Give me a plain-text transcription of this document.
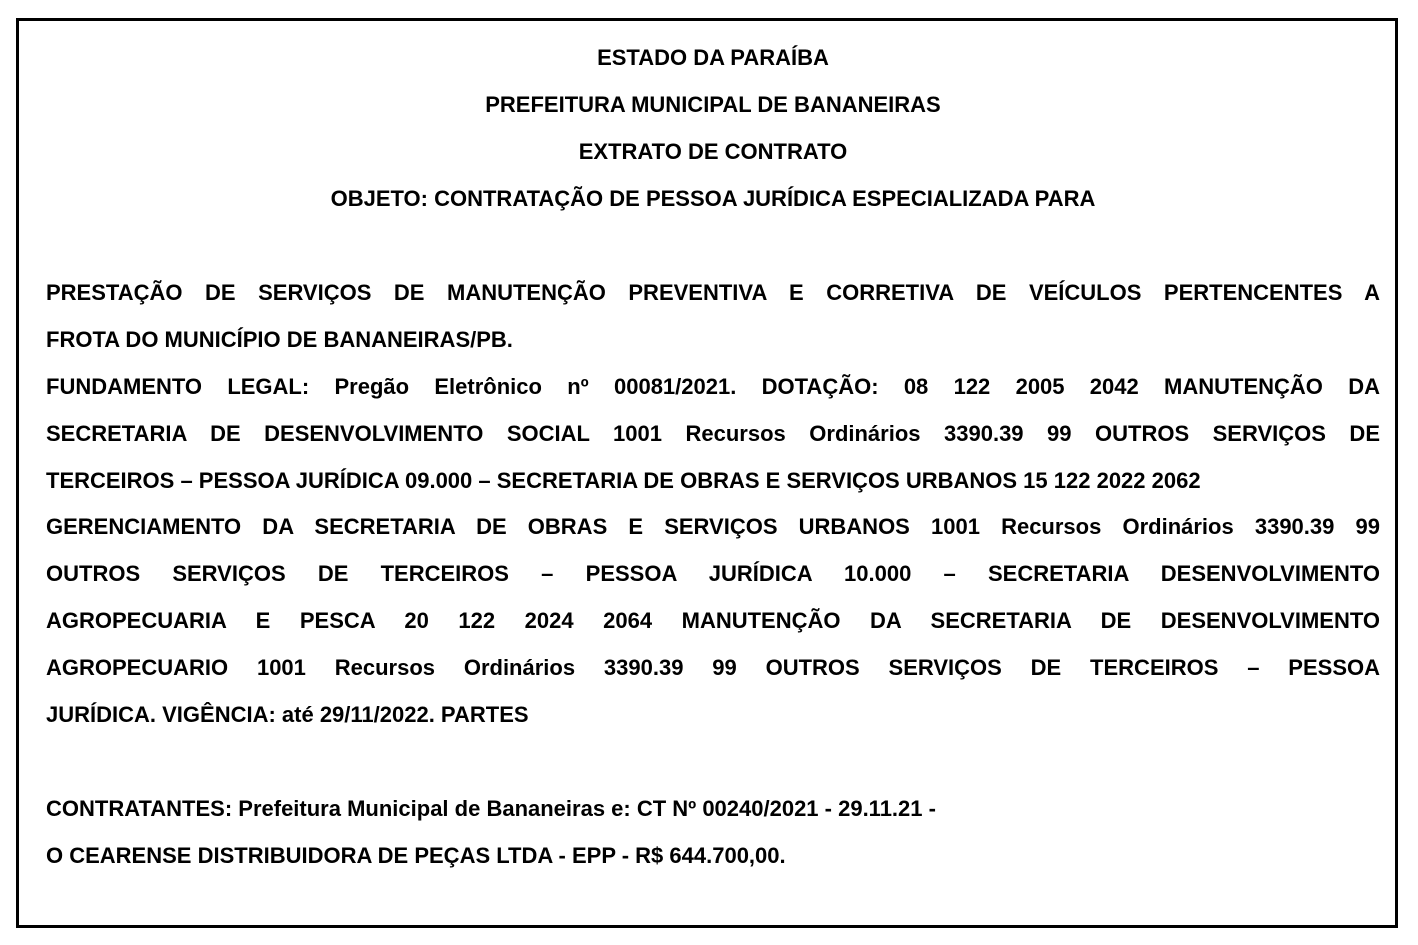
ESTADO DA PARAÍBA
PREFEITURA MUNICIPAL DE BANANEIRAS
EXTRATO DE CONTRATO
OBJETO: CONTRATAÇÃO DE PESSOA JURÍDICA ESPECIALIZADA PARA
PRESTAÇÃO DE SERVIÇOS DE MANUTENÇÃO PREVENTIVA E CORRETIVA DE VEÍCULOS PERTENCENTES A
FROTA DO MUNICÍPIO DE BANANEIRAS/PB.
FUNDAMENTO LEGAL: Pregão Eletrônico nº 00081/2021. DOTAÇÃO: 08 122 2005 2042 MANUTENÇÃO DA
SECRETARIA DE DESENVOLVIMENTO SOCIAL 1001 Recursos Ordinários 3390.39 99 OUTROS SERVIÇOS DE
TERCEIROS – PESSOA JURÍDICA 09.000 – SECRETARIA DE OBRAS E SERVIÇOS URBANOS 15 122 2022 2062
GERENCIAMENTO DA SECRETARIA DE OBRAS E SERVIÇOS URBANOS 1001 Recursos Ordinários 3390.39 99
OUTROS SERVIÇOS DE TERCEIROS – PESSOA JURÍDICA 10.000 – SECRETARIA DESENVOLVIMENTO
AGROPECUARIA E PESCA 20 122 2024 2064 MANUTENÇÃO DA SECRETARIA DE DESENVOLVIMENTO
AGROPECUARIO 1001 Recursos Ordinários 3390.39 99 OUTROS SERVIÇOS DE TERCEIROS – PESSOA
JURÍDICA. VIGÊNCIA: até 29/11/2022. PARTES
CONTRATANTES: Prefeitura Municipal de Bananeiras e: CT Nº 00240/2021 - 29.11.21 -
O CEARENSE DISTRIBUIDORA DE PEÇAS LTDA - EPP - R$ 644.700,00.
